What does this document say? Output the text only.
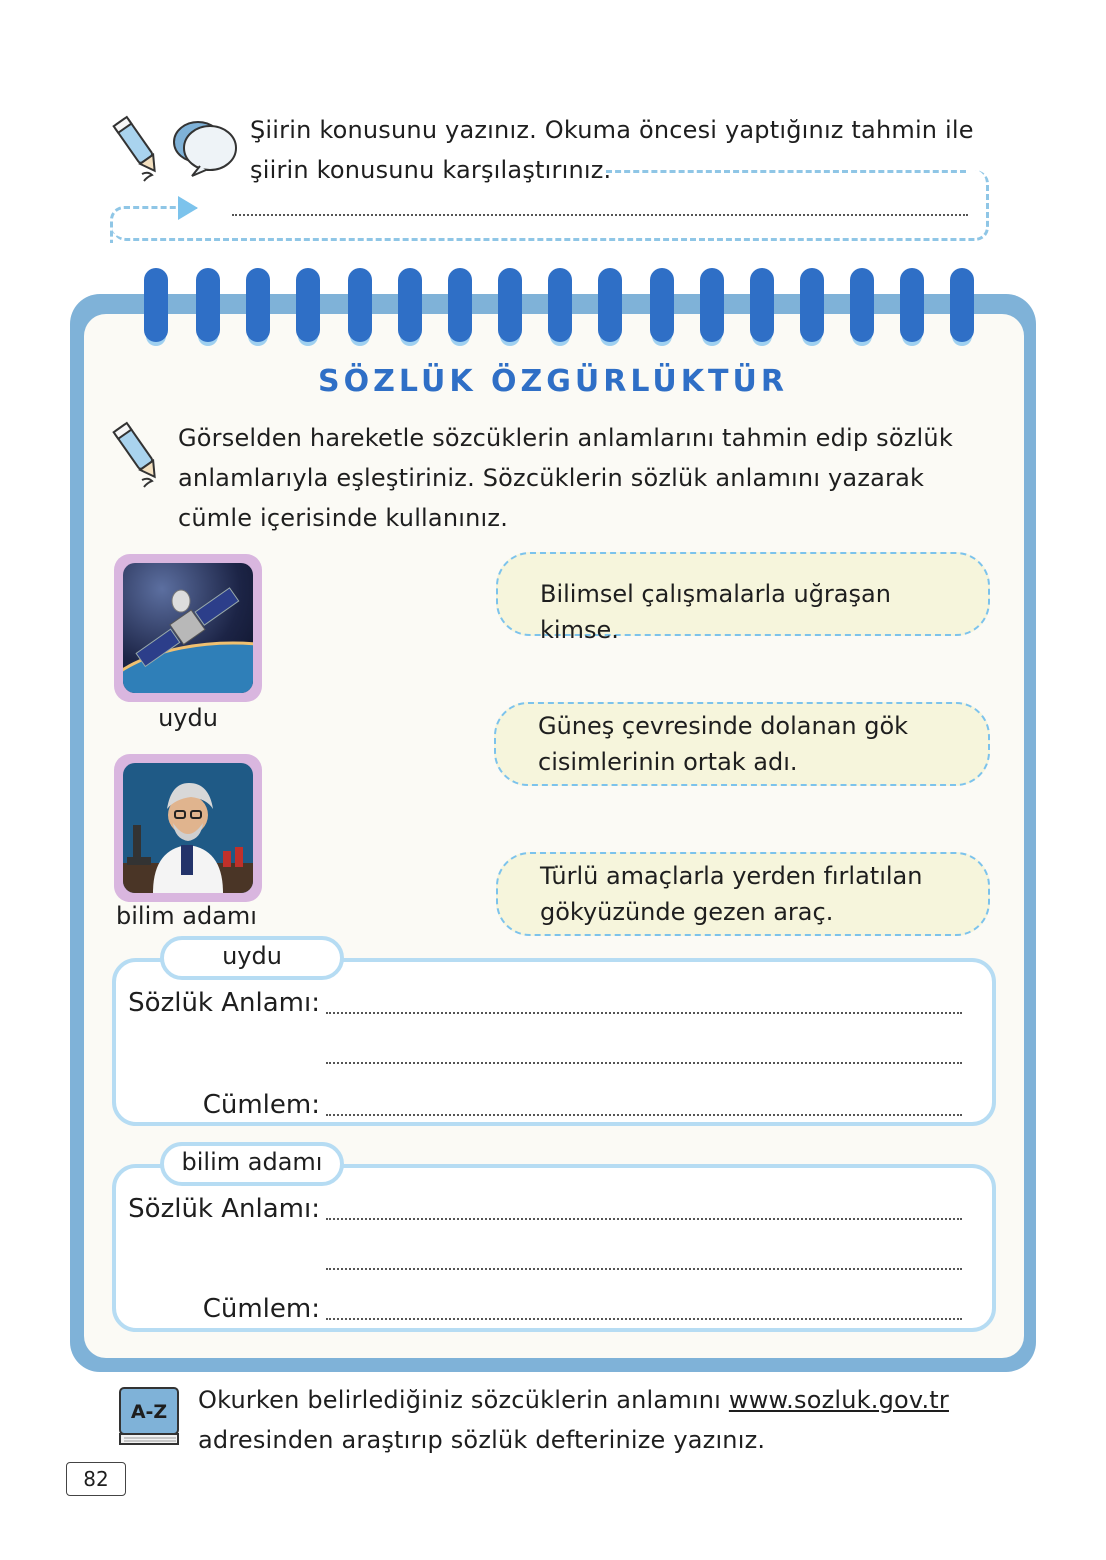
Şiirin konusunu yazınız. Okuma öncesi yaptığınız tahmin ile
şiirin konusunu karşılaştırınız.
SÖZLÜK ÖZGÜRLÜKTÜR
Görselden hareketle sözcüklerin anlamlarını tahmin edip sözlük
anlamlarıyla eşleştiriniz. Sözcüklerin sözlük anlamını yazarak
cümle içerisinde kullanınız.
uydu
bilim adamı
Bilimsel çalışmalarla uğraşan kimse.
Güneş çevresinde dolanan gök
cisimlerinin ortak adı.
Türlü amaçlarla yerden fırlatılan
gökyüzünde gezen araç.
uydu
Sözlük Anlamı:
Cümlem:
bilim adamı
Sözlük Anlamı:
Cümlem:
A-Z Okurken belirlediğiniz sözcüklerin anlamını www.sozluk.gov.tr
adresinden araştırıp sözlük defterinize yazınız.
82
